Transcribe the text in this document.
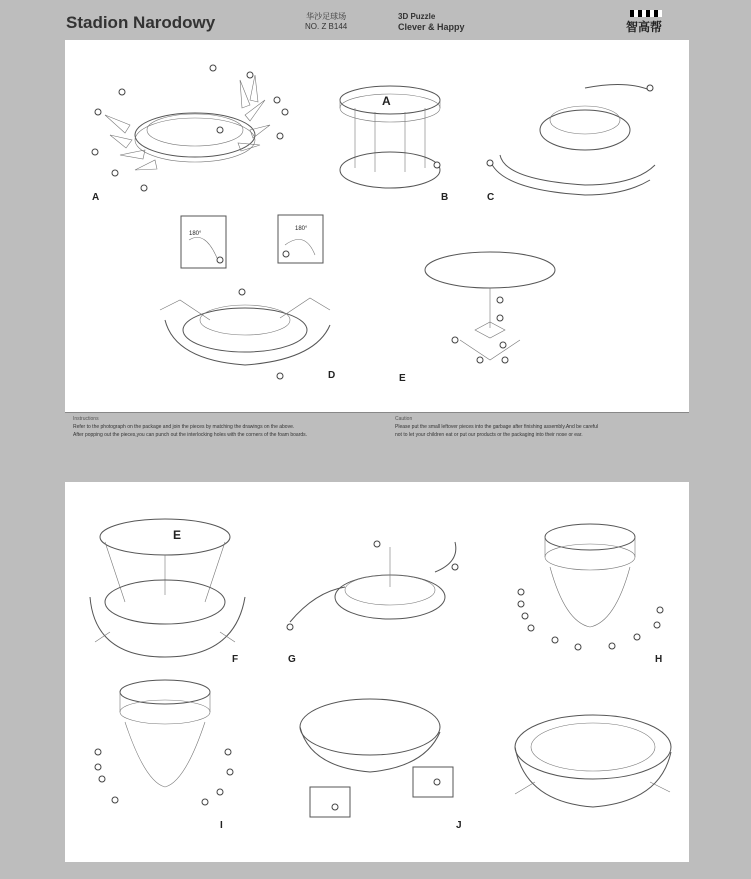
Stadion Narodowy	华沙足球场
NO. Z B144
3D Puzzle
Clever & Happy	智高帮
A
A	B	C
D	E
180°
180°
Instructions
Refer to the photograph on the package and join the pieces by matching the drawings on the above.
After popping out the pieces,you can punch out the interlocking holes with the corners of the foam boards.
Caution
Please put the small leftover pieces into the garbage after finishing assembly.And be careful
not to let your children eat or put our products or the packaging into their nose or ear.
E
F	G	H
I	J
